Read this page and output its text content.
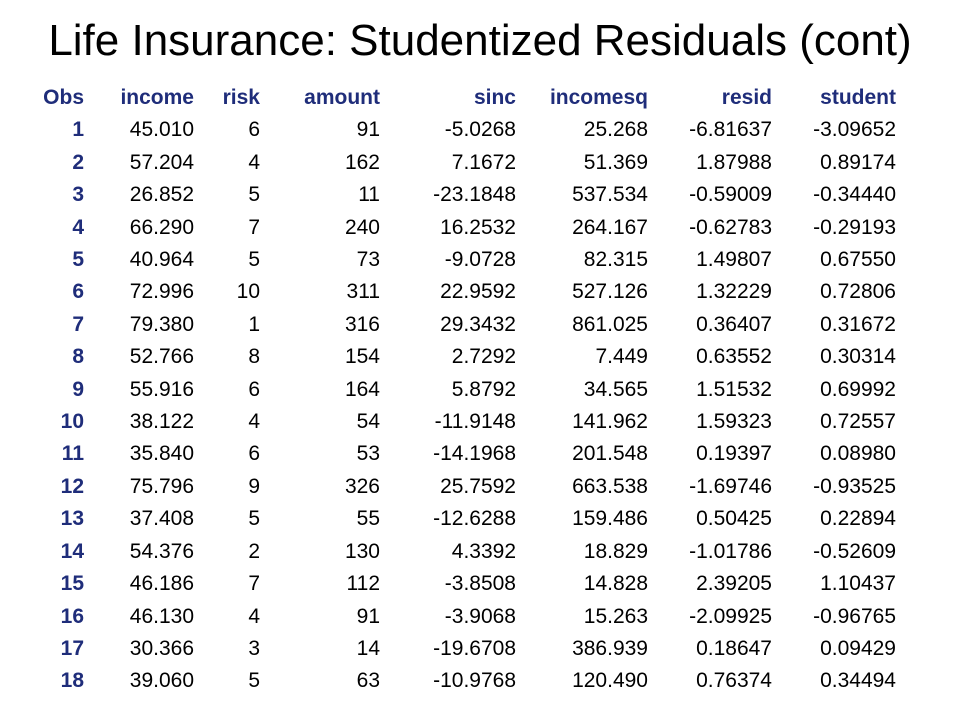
Life Insurance: Studentized Residuals (cont)
Obs	income	risk	amount	sinc	incomesq	resid	student
1	45.010	6	91	-5.0268	25.268	-6.81637	-3.09652
2	57.204	4	162	7.1672	51.369	1.87988	0.89174
3	26.852	5	11	-23.1848	537.534	-0.59009	-0.34440
4	66.290	7	240	16.2532	264.167	-0.62783	-0.29193
5	40.964	5	73	-9.0728	82.315	1.49807	0.67550
6	72.996	10	311	22.9592	527.126	1.32229	0.72806
7	79.380	1	316	29.3432	861.025	0.36407	0.31672
8	52.766	8	154	2.7292	7.449	0.63552	0.30314
9	55.916	6	164	5.8792	34.565	1.51532	0.69992
10	38.122	4	54	-11.9148	141.962	1.59323	0.72557
11	35.840	6	53	-14.1968	201.548	0.19397	0.08980
12	75.796	9	326	25.7592	663.538	-1.69746	-0.93525
13	37.408	5	55	-12.6288	159.486	0.50425	0.22894
14	54.376	2	130	4.3392	18.829	-1.01786	-0.52609
15	46.186	7	112	-3.8508	14.828	2.39205	1.10437
16	46.130	4	91	-3.9068	15.263	-2.09925	-0.96765
17	30.366	3	14	-19.6708	386.939	0.18647	0.09429
18	39.060	5	63	-10.9768	120.490	0.76374	0.34494
